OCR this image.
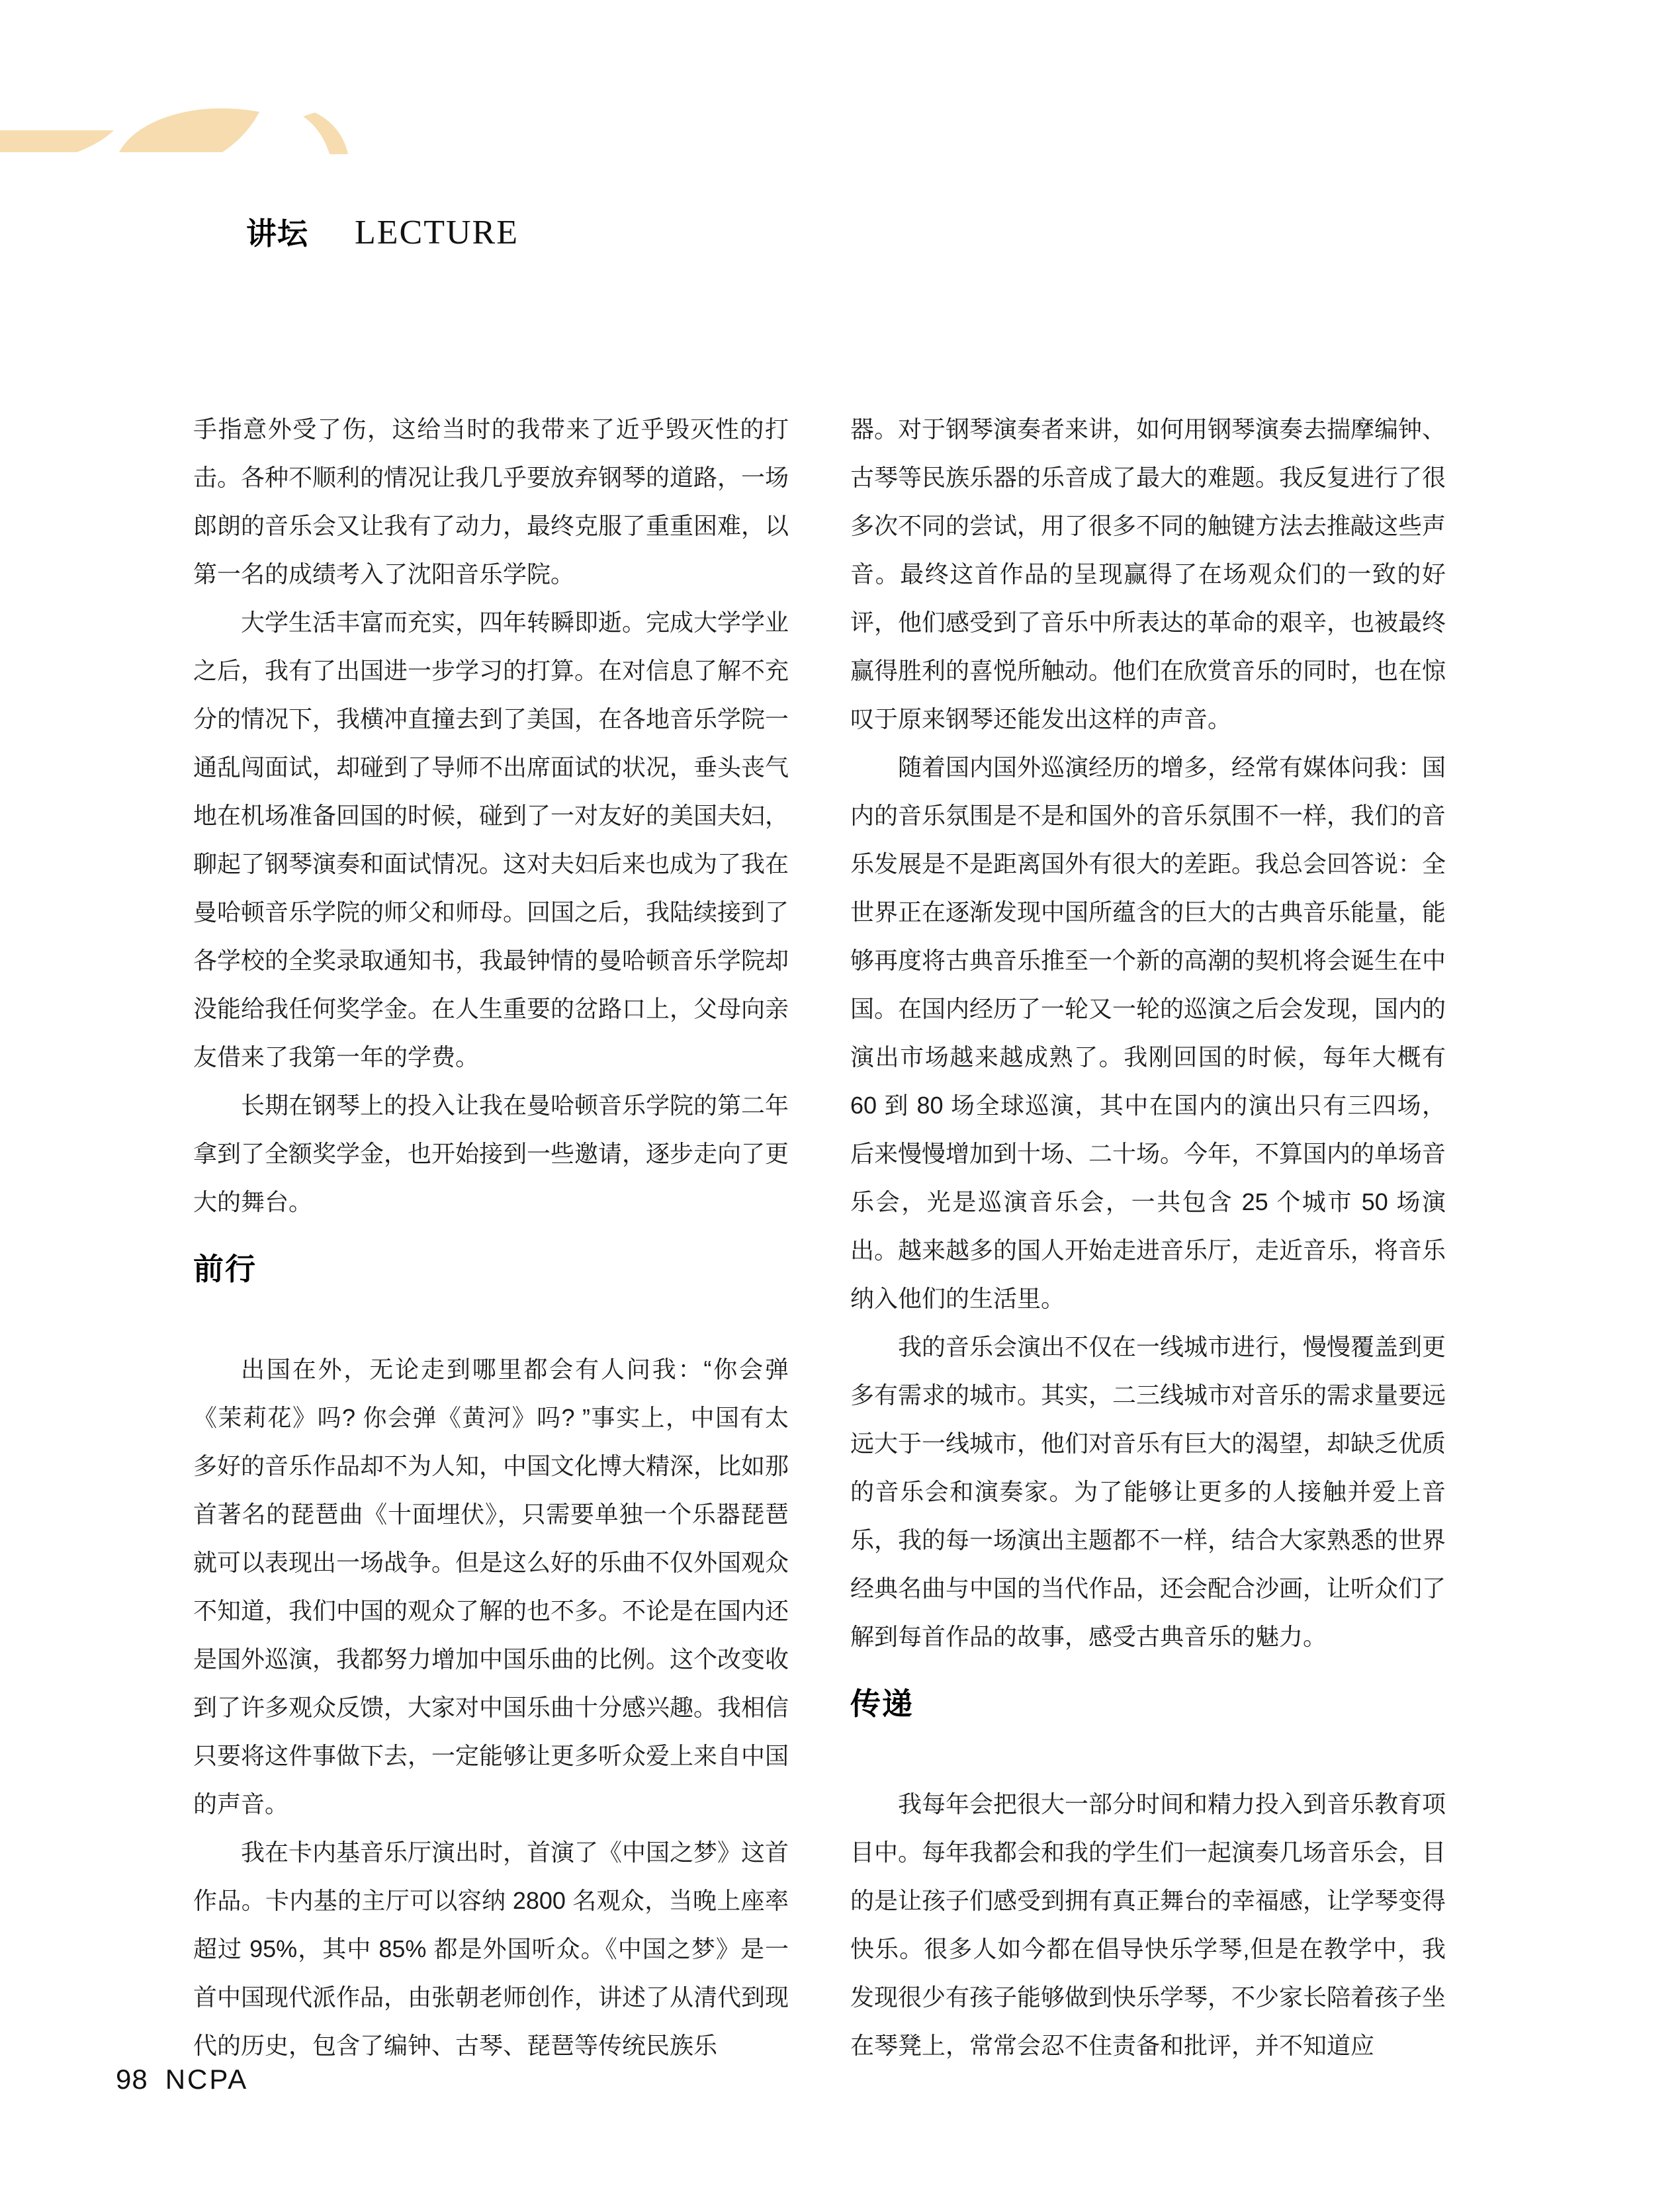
讲坛 LECTURE

手指意外受了伤，这给当时的我带来了近乎毁灭性的打击。各种不顺利的情况让我几乎要放弃钢琴的道路，一场郎朗的音乐会又让我有了动力，最终克服了重重困难，以第一名的成绩考入了沈阳音乐学院。

大学生活丰富而充实，四年转瞬即逝。完成大学学业之后，我有了出国进一步学习的打算。在对信息了解不充分的情况下，我横冲直撞去到了美国，在各地音乐学院一通乱闯面试，却碰到了导师不出席面试的状况，垂头丧气地在机场准备回国的时候，碰到了一对友好的美国夫妇，聊起了钢琴演奏和面试情况。这对夫妇后来也成为了我在曼哈顿音乐学院的师父和师母。回国之后，我陆续接到了各学校的全奖录取通知书，我最钟情的曼哈顿音乐学院却没能给我任何奖学金。在人生重要的岔路口上，父母向亲友借来了我第一年的学费。

长期在钢琴上的投入让我在曼哈顿音乐学院的第二年拿到了全额奖学金，也开始接到一些邀请，逐步走向了更大的舞台。

前行

出国在外，无论走到哪里都会有人问我：“你会弹《茉莉花》吗? 你会弹《黄河》吗? ”事实上，中国有太多好的音乐作品却不为人知，中国文化博大精深，比如那首著名的琵琶曲《十面埋伏》，只需要单独一个乐器琵琶就可以表现出一场战争。但是这么好的乐曲不仅外国观众不知道，我们中国的观众了解的也不多。不论是在国内还是国外巡演，我都努力增加中国乐曲的比例。这个改变收到了许多观众反馈，大家对中国乐曲十分感兴趣。我相信只要将这件事做下去，一定能够让更多听众爱上来自中国的声音。

我在卡内基音乐厅演出时，首演了《中国之梦》这首作品。卡内基的主厅可以容纳 2800 名观众，当晚上座率超过 95%，其中 85% 都是外国听众。《中国之梦》是一首中国现代派作品，由张朝老师创作，讲述了从清代到现代的历史，包含了编钟、古琴、琵琶等传统民族乐

器。对于钢琴演奏者来讲，如何用钢琴演奏去揣摩编钟、古琴等民族乐器的乐音成了最大的难题。我反复进行了很多次不同的尝试，用了很多不同的触键方法去推敲这些声音。最终这首作品的呈现赢得了在场观众们的一致的好评，他们感受到了音乐中所表达的革命的艰辛，也被最终赢得胜利的喜悦所触动。他们在欣赏音乐的同时，也在惊叹于原来钢琴还能发出这样的声音。

随着国内国外巡演经历的增多，经常有媒体问我：国内的音乐氛围是不是和国外的音乐氛围不一样，我们的音乐发展是不是距离国外有很大的差距。我总会回答说：全世界正在逐渐发现中国所蕴含的巨大的古典音乐能量，能够再度将古典音乐推至一个新的高潮的契机将会诞生在中国。在国内经历了一轮又一轮的巡演之后会发现，国内的演出市场越来越成熟了。我刚回国的时候，每年大概有 60 到 80 场全球巡演，其中在国内的演出只有三四场，后来慢慢增加到十场、二十场。今年，不算国内的单场音乐会，光是巡演音乐会，一共包含 25 个城市 50 场演出。越来越多的国人开始走进音乐厅，走近音乐，将音乐纳入他们的生活里。

我的音乐会演出不仅在一线城市进行，慢慢覆盖到更多有需求的城市。其实，二三线城市对音乐的需求量要远远大于一线城市，他们对音乐有巨大的渴望，却缺乏优质的音乐会和演奏家。为了能够让更多的人接触并爱上音乐，我的每一场演出主题都不一样，结合大家熟悉的世界经典名曲与中国的当代作品，还会配合沙画，让听众们了解到每首作品的故事，感受古典音乐的魅力。

传递

我每年会把很大一部分时间和精力投入到音乐教育项目中。每年我都会和我的学生们一起演奏几场音乐会，目的是让孩子们感受到拥有真正舞台的幸福感，让学琴变得快乐。很多人如今都在倡导快乐学琴,但是在教学中，我发现很少有孩子能够做到快乐学琴，不少家长陪着孩子坐在琴凳上，常常会忍不住责备和批评，并不知道应

98 NCPA
